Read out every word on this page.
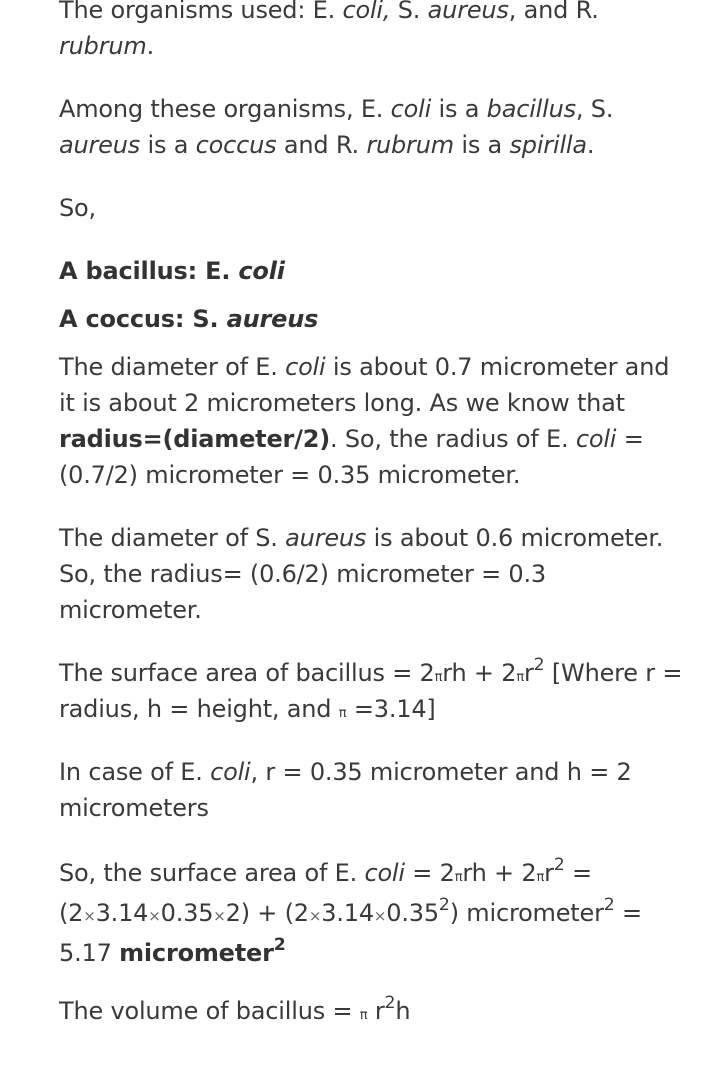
The organisms used: E. coli, S. aureus, and R. rubrum.

Among these organisms, E. coli is a bacillus, S. aureus is a coccus and R. rubrum is a spirilla.

So,

A bacillus: E. coli

A coccus: S. aureus

The diameter of E. coli is about 0.7 micrometer and it is about 2 micrometers long. As we know that radius=(diameter/2). So, the radius of E. coli = (0.7/2) micrometer = 0.35 micrometer.

The diameter of S. aureus is about 0.6 micrometer. So, the radius= (0.6/2) micrometer = 0.3 micrometer.

The surface area of bacillus = $2\pi rh + 2\pi r^2$ [Where r = radius, h = height, and π =3.14]

In case of E. coli, r = 0.35 micrometer and h = 2 micrometers

So, the surface area of E. coli = $2\pi rh + 2\pi r^2 = (2\times 3.14\times 0.35\times 2) + (2\times 3.14\times 0.35^2)$ micrometer$^2$ = 5.17 micrometer$^2$

The volume of bacillus = π $r^2h$
